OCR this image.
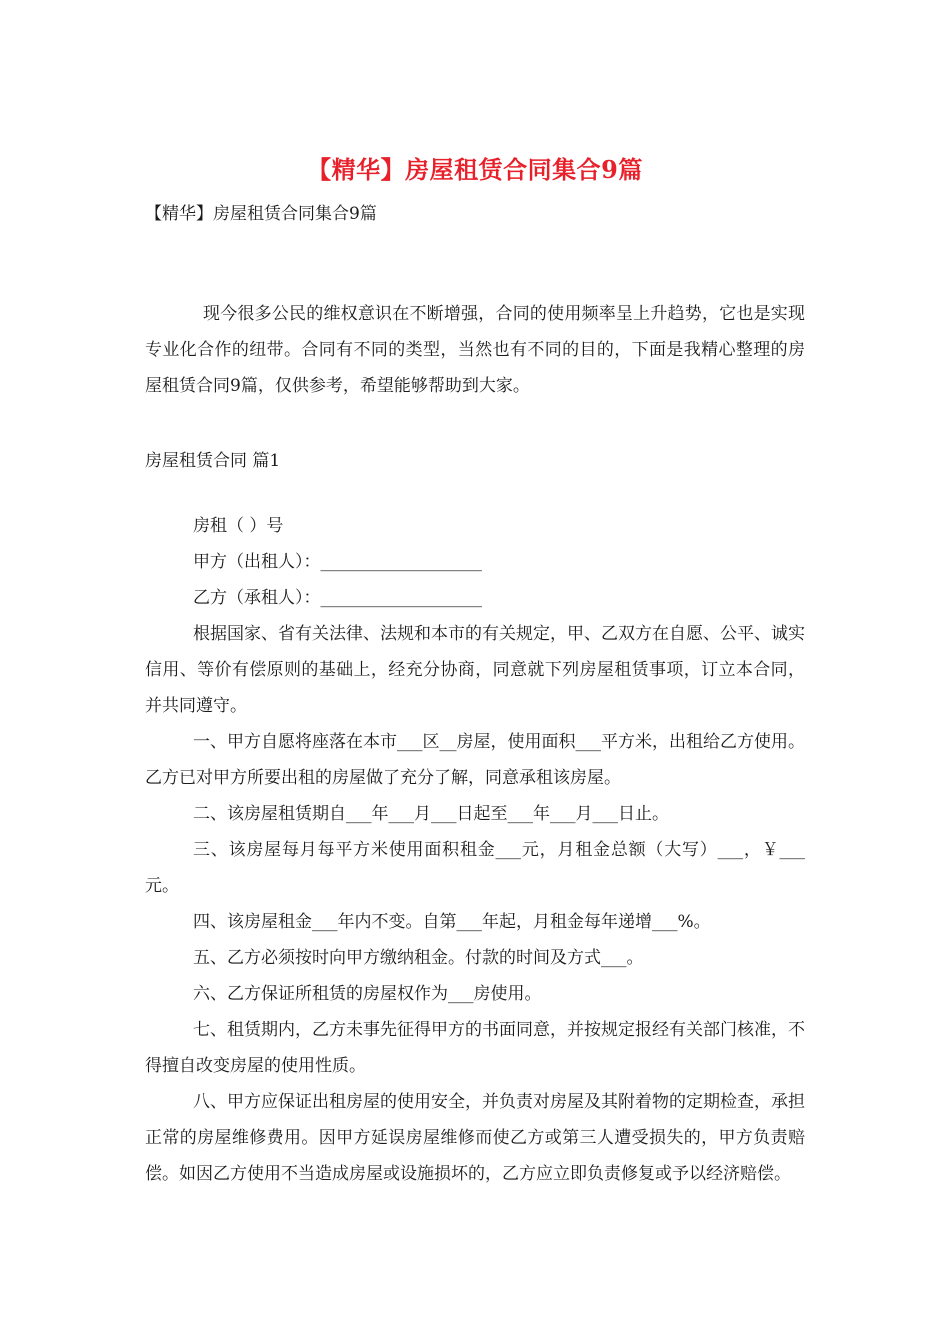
【精华】房屋租赁合同集合9篇
【精华】房屋租赁合同集合9篇
现今很多公民的维权意识在不断增强，合同的使用频率呈上升趋势，它也是实现专业化合作的纽带。合同有不同的类型，当然也有不同的目的，下面是我精心整理的房屋租赁合同9篇，仅供参考，希望能够帮助到大家。
房屋租赁合同 篇1

房租（ ）号

甲方（出租人）：___________________

乙方（承租人）：___________________

根据国家、省有关法律、法规和本市的有关规定，甲、乙双方在自愿、公平、诚实信用、等价有偿原则的基础上，经充分协商，同意就下列房屋租赁事项，订立本合同，并共同遵守。

一、甲方自愿将座落在本市___区__房屋，使用面积___平方米，出租给乙方使用。乙方已对甲方所要出租的房屋做了充分了解，同意承租该房屋。

二、该房屋租赁期自___年___月___日起至___年___月___日止。

三、该房屋每月每平方米使用面积租金___元，月租金总额（大写）___，￥___元。

四、该房屋租金___年内不变。自第___年起，月租金每年递增___%。

五、乙方必须按时向甲方缴纳租金。付款的时间及方式___。

六、乙方保证所租赁的房屋权作为___房使用。

七、租赁期内，乙方未事先征得甲方的书面同意，并按规定报经有关部门核准，不得擅自改变房屋的使用性质。

八、甲方应保证出租房屋的使用安全，并负责对房屋及其附着物的定期检查，承担正常的房屋维修费用。因甲方延误房屋维修而使乙方或第三人遭受损失的，甲方负责赔偿。如因乙方使用不当造成房屋或设施损坏的，乙方应立即负责修复或予以经济赔偿。
